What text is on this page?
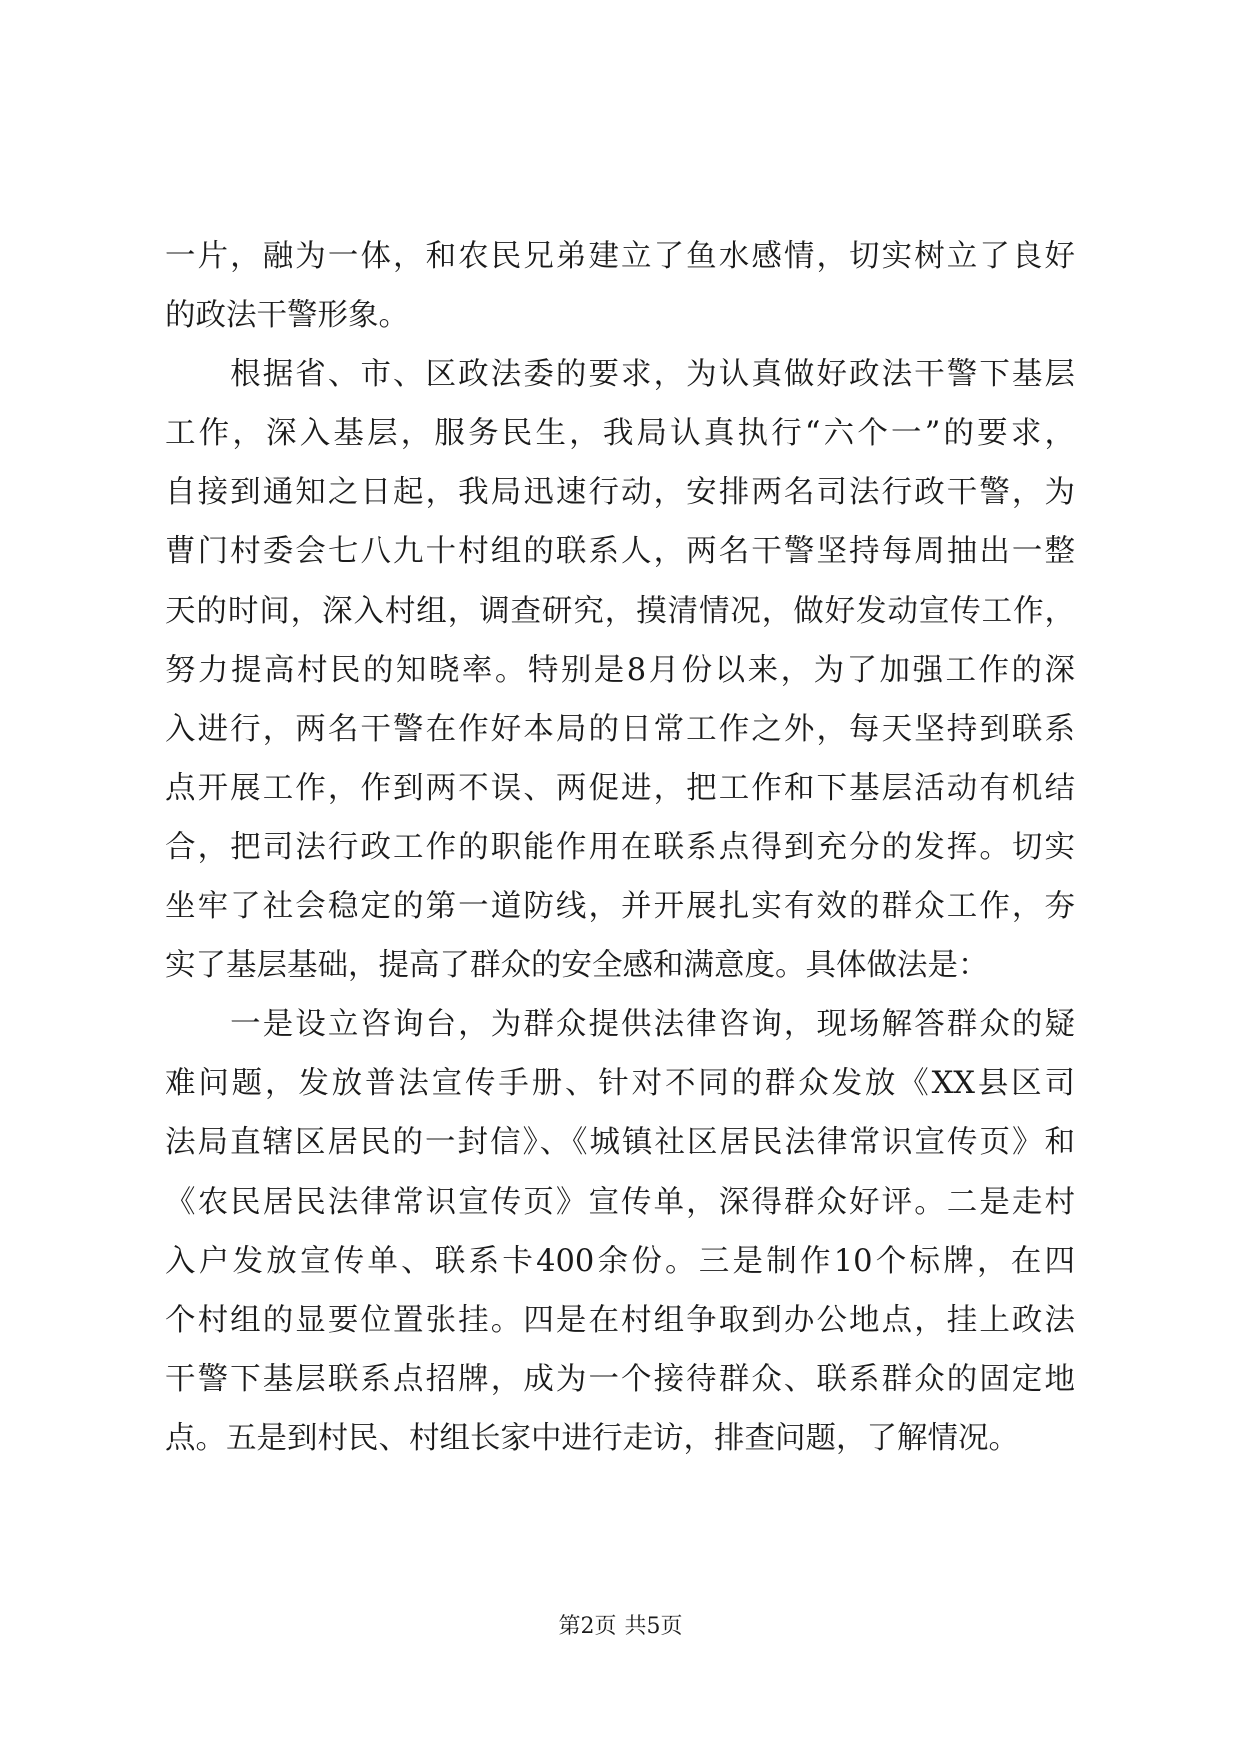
一片，融为一体，和农民兄弟建立了鱼水感情，切实树立了良好
的政法干警形象。
　　根据省、市、区政法委的要求，为认真做好政法干警下基层
工作，深入基层，服务民生，我局认真执行“六个一”的要求，
自接到通知之日起，我局迅速行动，安排两名司法行政干警，为
曹门村委会七八九十村组的联系人，两名干警坚持每周抽出一整
天的时间，深入村组，调查研究，摸清情况，做好发动宣传工作，
努力提高村民的知晓率。特别是8月份以来，为了加强工作的深
入进行，两名干警在作好本局的日常工作之外，每天坚持到联系
点开展工作，作到两不误、两促进，把工作和下基层活动有机结
合，把司法行政工作的职能作用在联系点得到充分的发挥。切实
坐牢了社会稳定的第一道防线，并开展扎实有效的群众工作，夯
实了基层基础，提高了群众的安全感和满意度。具体做法是：
　　一是设立咨询台，为群众提供法律咨询，现场解答群众的疑
难问题，发放普法宣传手册、针对不同的群众发放《XX县区司
法局直辖区居民的一封信》、《城镇社区居民法律常识宣传页》和
《农民居民法律常识宣传页》宣传单，深得群众好评。二是走村
入户发放宣传单、联系卡400余份。三是制作10个标牌，在四
个村组的显要位置张挂。四是在村组争取到办公地点，挂上政法
干警下基层联系点招牌，成为一个接待群众、联系群众的固定地
点。五是到村民、村组长家中进行走访，排查问题，了解情况。
第2页 共5页
